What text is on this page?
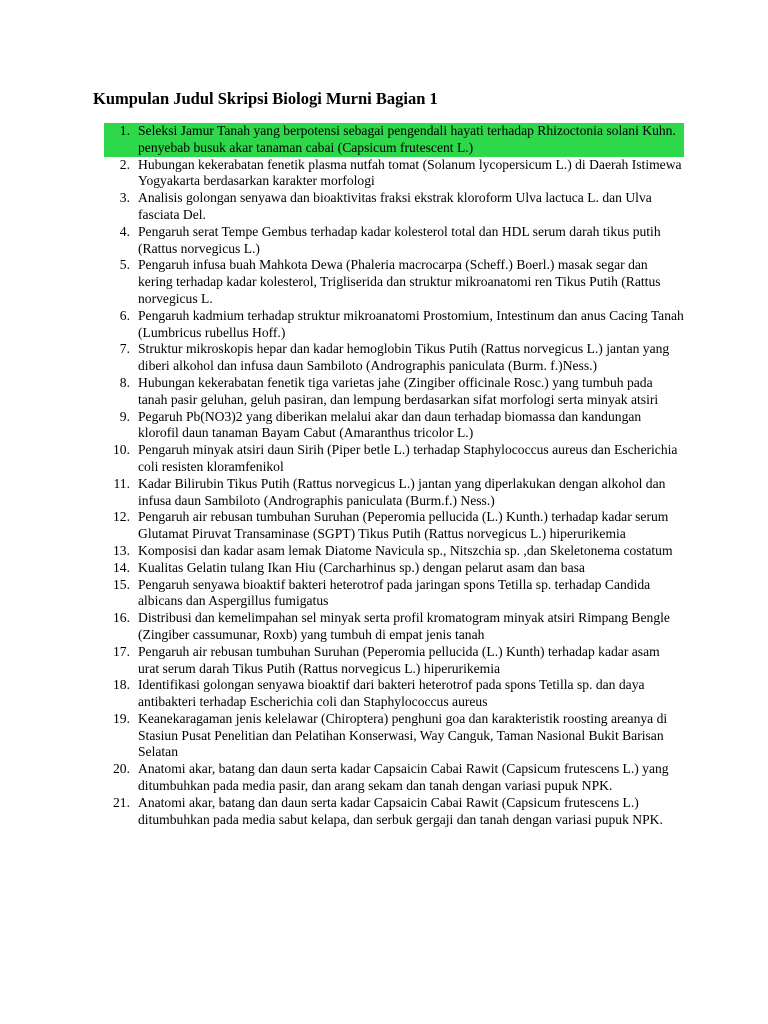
Kumpulan Judul Skripsi Biologi Murni Bagian 1
1. Seleksi Jamur Tanah yang berpotensi sebagai pengendali hayati terhadap Rhizoctonia solani Kuhn. penyebab busuk akar tanaman cabai (Capsicum frutescent L.)
2. Hubungan kekerabatan fenetik plasma nutfah tomat (Solanum lycopersicum L.) di Daerah Istimewa Yogyakarta berdasarkan karakter morfologi
3. Analisis golongan senyawa dan bioaktivitas fraksi ekstrak kloroform Ulva lactuca L. dan Ulva fasciata Del.
4. Pengaruh serat Tempe Gembus terhadap kadar kolesterol total dan HDL serum darah tikus putih (Rattus norvegicus L.)
5. Pengaruh infusa buah Mahkota Dewa (Phaleria macrocarpa (Scheff.) Boerl.) masak segar dan kering terhadap kadar kolesterol, Trigliserida dan struktur mikroanatomi ren Tikus Putih (Rattus norvegicus L.
6. Pengaruh kadmium terhadap struktur mikroanatomi Prostomium, Intestinum dan anus Cacing Tanah (Lumbricus rubellus Hoff.)
7. Struktur mikroskopis hepar dan kadar hemoglobin Tikus Putih (Rattus norvegicus L.) jantan yang diberi alkohol dan infusa daun Sambiloto (Andrographis paniculata (Burm. f.)Ness.)
8. Hubungan kekerabatan fenetik tiga varietas jahe (Zingiber officinale Rosc.) yang tumbuh pada tanah pasir geluhan, geluh pasiran, dan lempung berdasarkan sifat morfologi serta minyak atsiri
9. Pegaruh Pb(NO3)2 yang diberikan melalui akar dan daun terhadap biomassa dan kandungan klorofil daun tanaman Bayam Cabut (Amaranthus tricolor L.)
10. Pengaruh minyak atsiri daun Sirih (Piper betle L.) terhadap Staphylococcus aureus dan Escherichia coli resisten kloramfenikol
11. Kadar Bilirubin Tikus Putih (Rattus norvegicus L.) jantan yang diperlakukan dengan alkohol dan infusa daun Sambiloto (Andrographis paniculata (Burm.f.) Ness.)
12. Pengaruh air rebusan tumbuhan Suruhan (Peperomia pellucida (L.) Kunth.) terhadap kadar serum Glutamat Piruvat Transaminase (SGPT) Tikus Putih (Rattus norvegicus L.) hiperurikemia
13. Komposisi dan kadar asam lemak Diatome Navicula sp., Nitszchia sp. ,dan Skeletonema costatum
14. Kualitas Gelatin tulang Ikan Hiu (Carcharhinus sp.) dengan pelarut asam dan basa
15. Pengaruh senyawa bioaktif bakteri heterotrof pada jaringan spons Tetilla sp. terhadap Candida albicans dan Aspergillus fumigatus
16. Distribusi dan kemelimpahan sel minyak serta profil kromatogram minyak atsiri Rimpang Bengle (Zingiber cassumunar, Roxb) yang tumbuh di empat jenis tanah
17. Pengaruh air rebusan tumbuhan Suruhan (Peperomia pellucida (L.) Kunth) terhadap kadar asam urat serum darah Tikus Putih (Rattus norvegicus L.) hiperurikemia
18. Identifikasi golongan senyawa bioaktif dari bakteri heterotrof pada spons Tetilla sp. dan daya antibakteri terhadap Escherichia coli dan Staphylococcus aureus
19. Keanekaragaman jenis kelelawar (Chiroptera) penghuni goa dan karakteristik roosting areanya di Stasiun Pusat Penelitian dan Pelatihan Konserwasi, Way Canguk, Taman Nasional Bukit Barisan Selatan
20. Anatomi akar, batang dan daun serta kadar Capsaicin Cabai Rawit (Capsicum frutescens L.) yang ditumbuhkan pada media pasir, dan arang sekam dan tanah dengan variasi pupuk NPK.
21. Anatomi akar, batang dan daun serta kadar Capsaicin Cabai Rawit (Capsicum frutescens L.) ditumbuhkan pada media sabut kelapa, dan serbuk gergaji dan tanah dengan variasi pupuk NPK.
